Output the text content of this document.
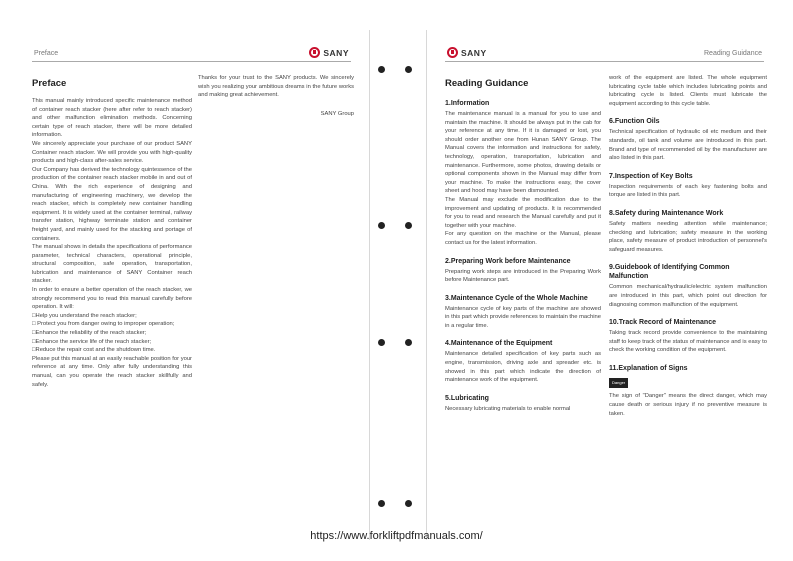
Preface	SANY
Preface

This manual mainly introduced specific maintenance method of container reach stacker (here after refer to reach stacker) and other malfunction elimination methods. Concerning certain type of reach stacker, there will be more detailed information.

We sincerely appreciate your purchase of our product SANY Container reach stacker. We will provide you with high-quality products and high-class after-sales service.

Our Company has derived the technology quintessence of the production of the container reach stacker mobile in and out of China. With the rich experience of designing and manufacturing of engineering machinery, we develop the reach stacker, which is completely new container handling equipment. It is widely used at the container terminal, railway transfer station, highway terminate station and container freight yard, and mainly used for the stacking and portage of containers.

The manual shows in details the specifications of performance parameter, technical characters, operational principle, structural composition, safe operation, transportation, lubrication and maintenance of SANY Container reach stacker.

In order to ensure a better operation of the reach stacker, we strongly recommend you to read this manual carefully before operation. It will:

□Help you understand the reach stacker;

□ Protect you from danger owing to improper operation;

□Enhance the reliability of the reach stacker;

□Enhance the service life of the reach stacker;

□Reduce the repair cost and the shutdown time.

Please put this manual at an easily reachable position for your reference at any time. Only after fully understanding this manual, can you operate the reach stacker skillfully and safely.

Thanks for your trust to the SANY products. We sincerely wish you realizing your ambitious dreams in the future works and making great achievement.

SANY Group

SANY	Reading Guidance
Reading Guidance
1.Information

The maintenance manual is a manual for you to use and maintain the machine. It should be always put in the cab for your reference at any time. If it is damaged or lost, you should order another one from Hunan SANY Group. The Manual covers the information and instructions for safety, technology, operation, transportation, lubrication and maintenance. Furthermore, some photos, drawing details or optional components shown in the Manual may differ from your machine. To make the instructions easy, the cover sheet and hood may have been dismounted.
The Manual may exclude the modification due to the improvement and updating of products. It is recommended for you to read and research the Manual carefully and put it together with your machine.
For any question on the machine or the Manual, please contact us for the latest information.

2.Preparing Work before Maintenance

Preparing work steps are introduced in the Preparing Work before Maintenance part.

3.Maintenance Cycle of the Whole Machine

Maintenance cycle of key parts of the machine are showed in this part which provide references to maintain the machine in a regular time.

4.Maintenance of the Equipment

Maintenance detailed specification of key parts such as engine, transmission, driving axle and spreader etc. is showed in this part which indicate the direction of maintenance work of the equipment.

5.Lubricating

Necessary lubricating materials to enable normal

work of the equipment are listed. The whole equipment lubricating cycle table which includes lubricating points and lubricating cycle is listed. Clients must lubricate the equipment according to this cycle table.

6.Function Oils

Technical specification of hydraulic oil etc medium and their standards, oil tank and volume are introduced in this part. Brand and type of recommended oil by the manufacturer are also listed in this part.

7.Inspection of Key Bolts

Inspection requirements of each key fastening bolts and torque are listed in this part.

8.Safety during Maintenance Work

Safety matters needing attention while maintenance; checking and lubrication; safety measure in the working place, safety measure of product introduction of personnel's safeguard measures.

9.Guidebook of Identifying Common Malfunction

Common mechanical/hydraulic/electric system malfunction are introduced in this part, which point out direction for diagnosing common malfunction of the equipment.

10.Track Record of Maintenance

Taking track record provide convenience to the maintaining staff to keep track of the status of maintenance and is easy to check the working condition of the equipment.

11.Explanation of Signs
Danger

The sign of "Danger" means the direct danger, which may cause death or serious injury if no preventive measure is taken.

https://www.forkliftpdfmanuals.com/
